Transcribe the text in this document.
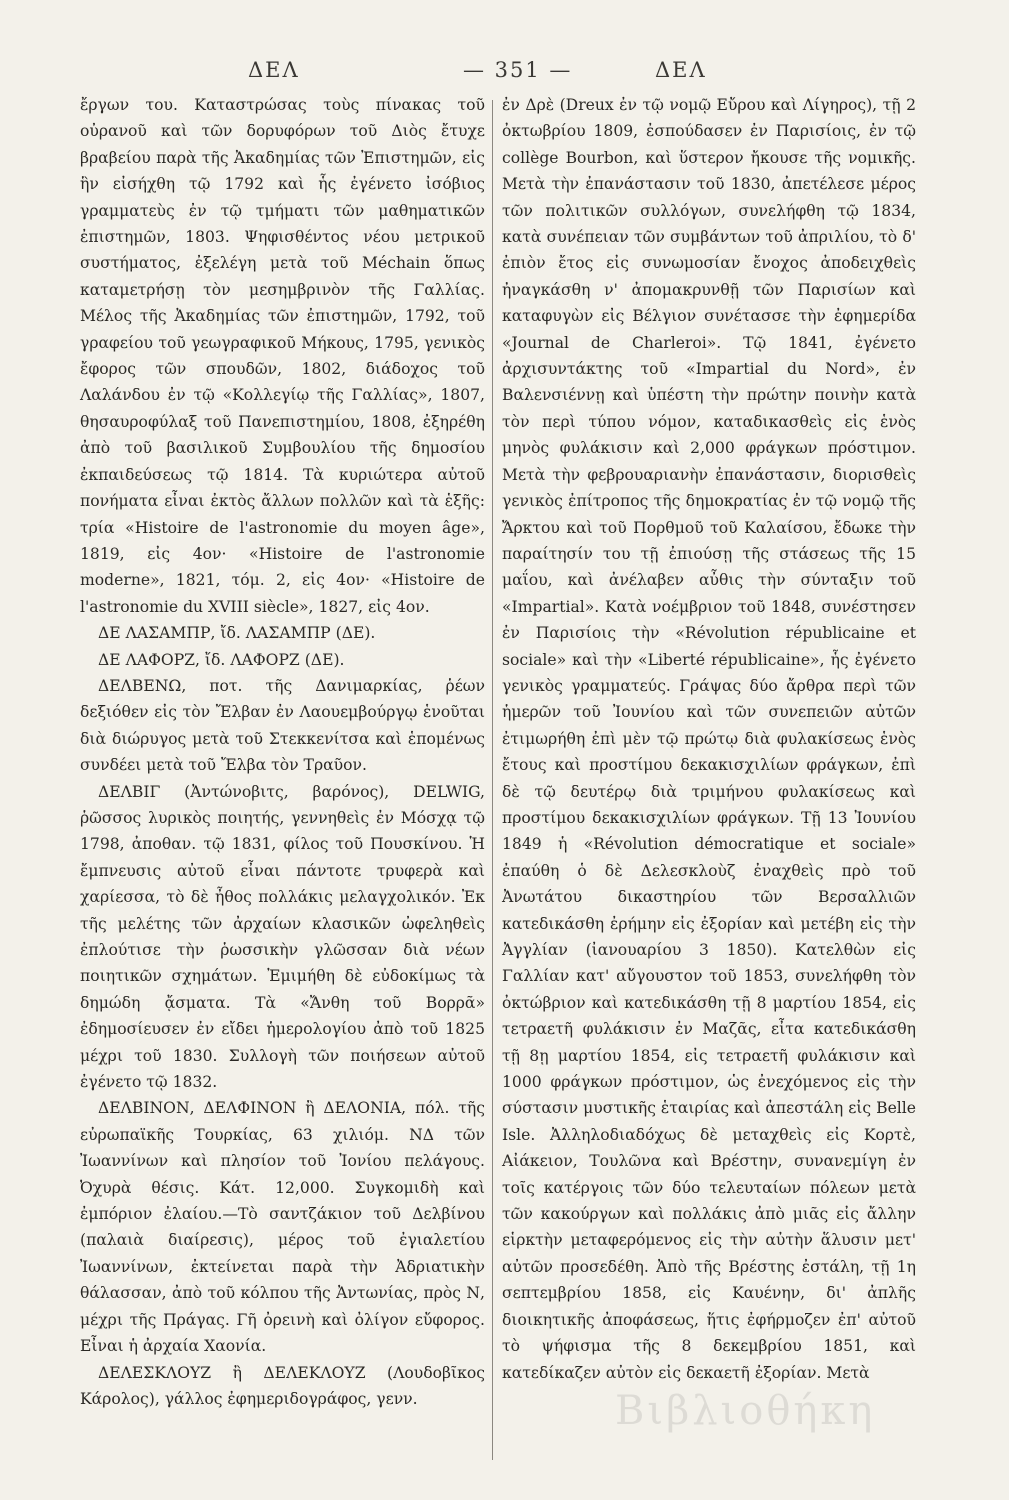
ΔΕΛ	— 351 —	ΔΕΛ

ἔργων του. Καταστρώσας τοὺς πίνακας τοῦ οὐρανοῦ καὶ τῶν δορυφόρων τοῦ Διὸς ἔτυχε βραβείου παρὰ τῆς Ἀκαδημίας τῶν Ἐπιστημῶν, εἰς ἣν εἰσήχθη τῷ 1792 καὶ ἧς ἐγένετο ἰσόβιος γραμματεὺς ἐν τῷ τμήματι τῶν μαθηματικῶν ἐπιστημῶν, 1803. Ψηφισθέντος νέου μετρικοῦ συστήματος, ἐξελέγη μετὰ τοῦ Méchain ὅπως καταμετρήσῃ τὸν μεσημβρινὸν τῆς Γαλλίας. Μέλος τῆς Ἀκαδημίας τῶν ἐπιστημῶν, 1792, τοῦ γραφείου τοῦ γεωγραφικοῦ Μήκους, 1795, γενικὸς ἔφορος τῶν σπουδῶν, 1802, διάδοχος τοῦ Λαλάνδου ἐν τῷ «Κολλεγίῳ τῆς Γαλλίας», 1807, θησαυροφύλαξ τοῦ Πανεπιστημίου, 1808, ἐξηρέθη ἀπὸ τοῦ βασιλικοῦ Συμβουλίου τῆς δημοσίου ἐκπαιδεύσεως τῷ 1814. Τὰ κυριώτερα αὐτοῦ πονήματα εἶναι ἐκτὸς ἄλλων πολλῶν καὶ τὰ ἑξῆς: τρία «Histoire de l'astronomie du moyen âge», 1819, εἰς 4ον· «Histoire de l'astronomie moderne», 1821, τόμ. 2, εἰς 4ον· «Histoire de l'astronomie du XVIII siècle», 1827, εἰς 4ον.

ΔΕ ΛΑΣΑΜΠΡ, ἴδ. ΛΑΣΑΜΠΡ (ΔΕ).

ΔΕ ΛΑΦΟΡΖ, ἴδ. ΛΑΦΟΡΖ (ΔΕ).

ΔΕΛΒΕΝΩ, ποτ. τῆς Δανιμαρκίας, ῥέων δεξιόθεν εἰς τὸν Ἔλβαν ἐν Λαουεμβούργῳ ἑνοῦται διὰ διώρυγος μετὰ τοῦ Στεκκενίτσα καὶ ἑπομένως συνδέει μετὰ τοῦ Ἔλβα τὸν Τραῦον.

ΔΕΛΒΙΓ (Ἀντώνοβιτς, βαρόνος), DELWIG, ῥῶσσος λυρικὸς ποιητής, γεννηθεὶς ἐν Μόσχᾳ τῷ 1798, ἀποθαν. τῷ 1831, φίλος τοῦ Πουσκίνου. Ἡ ἔμπνευσις αὐτοῦ εἶναι πάντοτε τρυφερὰ καὶ χαρίεσσα, τὸ δὲ ἦθος πολλάκις μελαγχολικόν. Ἐκ τῆς μελέτης τῶν ἀρχαίων κλασικῶν ὠφεληθεὶς ἐπλούτισε τὴν ῥωσσικὴν γλῶσσαν διὰ νέων ποιητικῶν σχημάτων. Ἐμιμήθη δὲ εὐδοκίμως τὰ δημώδη ᾄσματα. Τὰ «Ἄνθη τοῦ Βορρᾶ» ἐδημοσίευσεν ἐν εἴδει ἡμερολογίου ἀπὸ τοῦ 1825 μέχρι τοῦ 1830. Συλλογὴ τῶν ποιήσεων αὐτοῦ ἐγένετο τῷ 1832.

ΔΕΛΒΙΝΟΝ, ΔΕΛΦΙΝΟΝ ἢ ΔΕΛΟΝΙΑ, πόλ. τῆς εὐρωπαϊκῆς Τουρκίας, 63 χιλιόμ. ΝΔ τῶν Ἰωαννίνων καὶ πλησίον τοῦ Ἰονίου πελάγους. Ὀχυρὰ θέσις. Κάτ. 12,000. Συγκομιδὴ καὶ ἐμπόριον ἐλαίου.—Τὸ σαντζάκιον τοῦ Δελβίνου (παλαιὰ διαίρεσις), μέρος τοῦ ἐγιαλετίου Ἰωαννίνων, ἐκτείνεται παρὰ τὴν Ἀδριατικὴν θάλασσαν, ἀπὸ τοῦ κόλπου τῆς Ἀντωνίας, πρὸς Ν, μέχρι τῆς Πράγας. Γῆ ὀρεινὴ καὶ ὀλίγον εὔφορος. Εἶναι ἡ ἀρχαία Χαονία.

ΔΕΛΕΣΚΛΟΥΖ ἢ ΔΕΛΕΚΛΟΥΖ (Λουδοβῖκος Κάρολος), γάλλος ἐφημεριδογράφος, γενν.

ἐν Δρὲ (Dreux ἐν τῷ νομῷ Εὔρου καὶ Λίγηρος), τῇ 2 ὀκτωβρίου 1809, ἐσπούδασεν ἐν Παρισίοις, ἐν τῷ collège Bourbon, καὶ ὕστερον ἤκουσε τῆς νομικῆς. Μετὰ τὴν ἐπανάστασιν τοῦ 1830, ἀπετέλεσε μέρος τῶν πολιτικῶν συλλόγων, συνελήφθη τῷ 1834, κατὰ συνέπειαν τῶν συμβάντων τοῦ ἀπριλίου, τὸ δ' ἐπιὸν ἔτος εἰς συνωμοσίαν ἔνοχος ἀποδειχθεὶς ἠναγκάσθη ν' ἀπομακρυνθῇ τῶν Παρισίων καὶ καταφυγὼν εἰς Βέλγιον συνέτασσε τὴν ἐφημερίδα «Journal de Charleroi». Τῷ 1841, ἐγένετο ἀρχισυντάκτης τοῦ «Impartial du Nord», ἐν Βαλενσιέννῃ καὶ ὑπέστη τὴν πρώτην ποινὴν κατὰ τὸν περὶ τύπου νόμον, καταδικασθεὶς εἰς ἑνὸς μηνὸς φυλάκισιν καὶ 2,000 φράγκων πρόστιμον. Μετὰ τὴν φεβρουαριανὴν ἐπανάστασιν, διορισθεὶς γενικὸς ἐπίτροπος τῆς δημοκρατίας ἐν τῷ νομῷ τῆς Ἄρκτου καὶ τοῦ Πορθμοῦ τοῦ Καλαίσου, ἔδωκε τὴν παραίτησίν του τῇ ἐπιούσῃ τῆς στάσεως τῆς 15 μαΐου, καὶ ἀνέλαβεν αὖθις τὴν σύνταξιν τοῦ «Impartial». Κατὰ νοέμβριον τοῦ 1848, συνέστησεν ἐν Παρισίοις τὴν «Révolution républicaine et sociale» καὶ τὴν «Liberté républicaine», ἧς ἐγένετο γενικὸς γραμματεύς. Γράψας δύο ἄρθρα περὶ τῶν ἡμερῶν τοῦ Ἰουνίου καὶ τῶν συνεπειῶν αὐτῶν ἐτιμωρήθη ἐπὶ μὲν τῷ πρώτῳ διὰ φυλακίσεως ἑνὸς ἔτους καὶ προστίμου δεκακισχιλίων φράγκων, ἐπὶ δὲ τῷ δευτέρῳ διὰ τριμήνου φυλακίσεως καὶ προστίμου δεκακισχιλίων φράγκων. Τῇ 13 Ἰουνίου 1849 ἡ «Révolution démocratique et sociale» ἐπαύθη ὁ δὲ Δελεσκλοὺζ ἐναχθεὶς πρὸ τοῦ Ἀνωτάτου δικαστηρίου τῶν Βερσαλλιῶν κατεδικάσθη ἐρήμην εἰς ἐξορίαν καὶ μετέβη εἰς τὴν Ἀγγλίαν (ἰανουαρίου 3 1850). Κατελθὼν εἰς Γαλλίαν κατ' αὔγουστον τοῦ 1853, συνελήφθη τὸν ὀκτώβριον καὶ κατεδικάσθη τῇ 8 μαρτίου 1854, εἰς τετραετῆ φυλάκισιν ἐν Μαζᾶς, εἶτα κατεδικάσθη τῇ 8ῃ μαρτίου 1854, εἰς τετραετῆ φυλάκισιν καὶ 1000 φράγκων πρόστιμον, ὡς ἐνεχόμενος εἰς τὴν σύστασιν μυστικῆς ἑταιρίας καὶ ἀπεστάλη εἰς Belle Isle. Ἀλληλοδιαδόχως δὲ μεταχθεὶς εἰς Κορτὲ, Αἰάκειον, Τουλῶνα καὶ Βρέστην, συνανεμίγη ἐν τοῖς κατέργοις τῶν δύο τελευταίων πόλεων μετὰ τῶν κακούργων καὶ πολλάκις ἀπὸ μιᾶς εἰς ἄλλην εἱρκτὴν μεταφερόμενος εἰς τὴν αὐτὴν ἅλυσιν μετ' αὐτῶν προσεδέθη. Ἀπὸ τῆς Βρέστης ἐστάλη, τῇ 1η σεπτεμβρίου 1858, εἰς Καυένην, δι' ἀπλῆς διοικητικῆς ἀποφάσεως, ἥτις ἐφήρμοζεν ἐπ' αὐτοῦ τὸ ψήφισμα τῆς 8 δεκεμβρίου 1851, καὶ κατεδίκαζεν αὐτὸν εἰς δεκαετῆ ἐξορίαν. Μετὰ

Βιβλιοθήκη
